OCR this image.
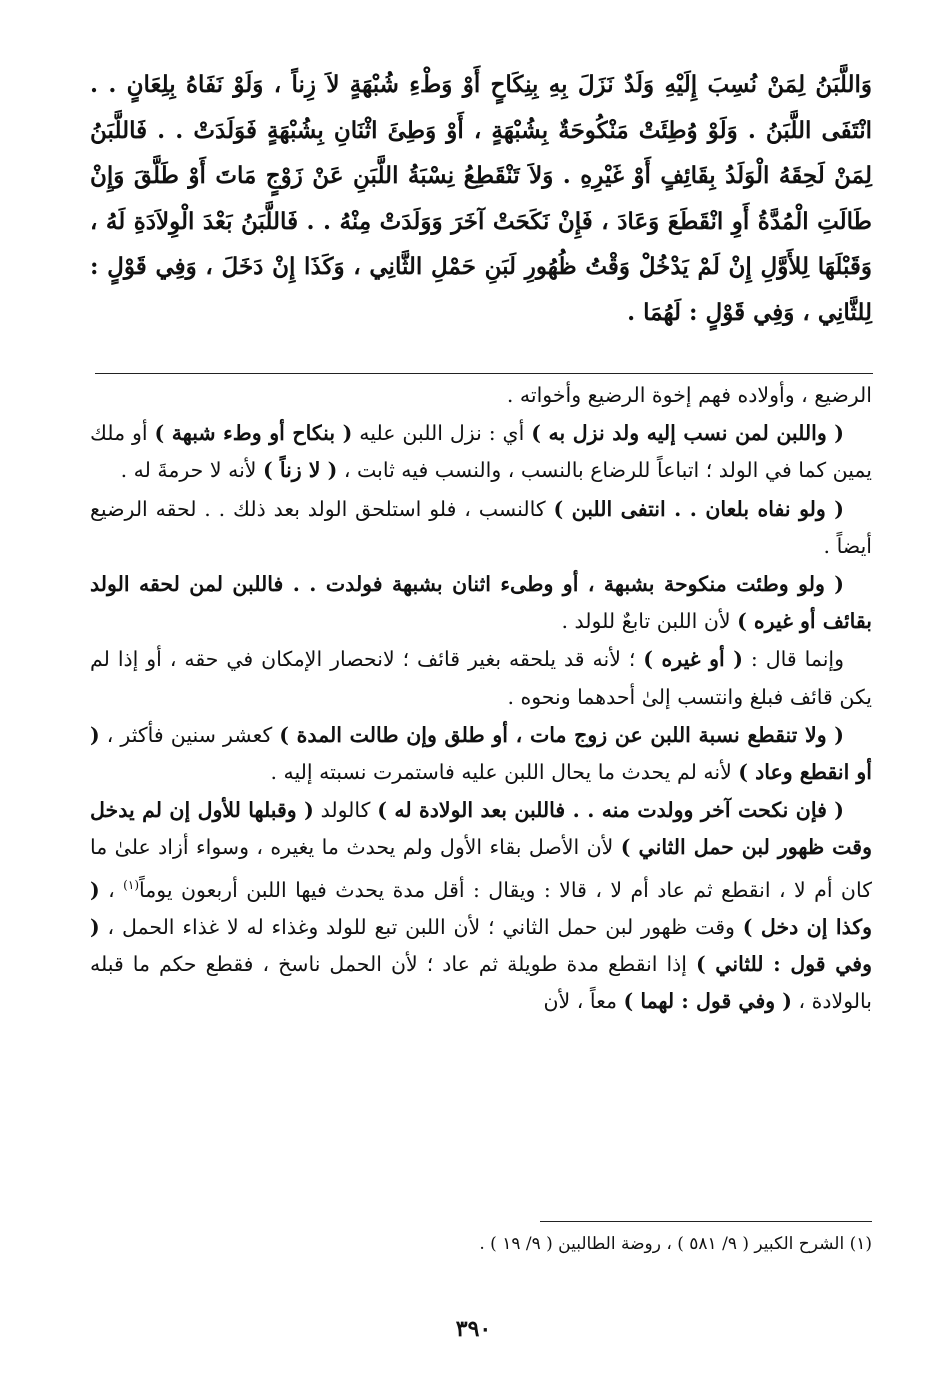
وَاللَّبَنُ لِمَنْ نُسِبَ إِلَيْهِ وَلَدٌ نَزَلَ بِهِ بِنِكَاحٍ أَوْ وَطْءِ شُبْهَةٍ لاَ زِناً ، وَلَوْ نَفَاهُ بِلِعَانٍ . . انْتَفَى اللَّبَنُ . وَلَوْ وُطِئَتْ مَنْكُوحَةٌ بِشُبْهَةٍ ، أَوْ وَطِئَ اثْنَانِ بِشُبْهَةٍ فَوَلَدَتْ . . فَاللَّبَنُ لِمَنْ لَحِقَهُ الْوَلَدُ بِقَائِفٍ أَوْ غَيْرِهِ . وَلاَ تَنْقَطِعُ نِسْبَةُ اللَّبَنِ عَنْ زَوْجٍ مَاتَ أَوْ طَلَّقَ وَإِنْ طَالَتِ الْمُدَّةُ أَوِ انْقَطَعَ وَعَادَ ، فَإِنْ نَكَحَتْ آخَرَ وَوَلَدَتْ مِنْهُ . . فَاللَّبَنُ بَعْدَ الْوِلاَدَةِ لَهُ ، وَقَبْلَهَا لِلأَوَّلِ إِنْ لَمْ يَدْخُلْ وَقْتُ ظُهُورِ لَبَنِ حَمْلِ الثَّانِي ، وَكَذَا إِنْ دَخَلَ ، وَفِي قَوْلٍ : لِلثَّانِي ، وَفِي قَوْلٍ : لَهُمَا .

الرضيع ، وأولاده فهم إخوة الرضيع وأخواته .

( واللبن لمن نسب إليه ولد نزل به ) أي : نزل اللبن عليه ( بنكاح أو وطء شبهة ) أو ملك يمين كما في الولد ؛ اتباعاً للرضاع بالنسب ، والنسب فيه ثابت ، ( لا زناً ) لأنه لا حرمةَ له .

( ولو نفاه بلعان . . انتفى اللبن ) كالنسب ، فلو استلحق الولد بعد ذلك . . لحقه الرضيع أيضاً .

( ولو وطئت منكوحة بشبهة ، أو وطىء اثنان بشبهة فولدت . . فاللبن لمن لحقه الولد بقائف أو غيره ) لأن اللبن تابعٌ للولد .

وإنما قال : ( أو غيره ) ؛ لأنه قد يلحقه بغير قائف ؛ لانحصار الإمكان في حقه ، أو إذا لم يكن قائف فبلغ وانتسب إلىٰ أحدهما ونحوه .

( ولا تنقطع نسبة اللبن عن زوج مات ، أو طلق وإن طالت المدة ) كعشر سنين فأكثر ، ( أو انقطع وعاد ) لأنه لم يحدث ما يحال اللبن عليه فاستمرت نسبته إليه .

( فإن نكحت آخر وولدت منه . . فاللبن بعد الولادة له ) كالولد ( وقبلها للأول إن لم يدخل وقت ظهور لبن حمل الثاني ) لأن الأصل بقاء الأول ولم يحدث ما يغيره ، وسواء أزاد علىٰ ما كان أم لا ، انقطع ثم عاد أم لا ، قالا : ويقال : أقل مدة يحدث فيها اللبن أربعون يوماً$^{(١)}$ ، ( وكذا إن دخل ) وقت ظهور لبن حمل الثاني ؛ لأن اللبن تبع للولد وغذاء له لا غذاء الحمل ، ( وفي قول : للثاني ) إذا انقطع مدة طويلة ثم عاد ؛ لأن الحمل ناسخ ، فقطع حكم ما قبله بالولادة ، ( وفي قول : لهما ) معاً ، لأن

(١) الشرح الكبير ( ٩/ ٥٨١ ) ، روضة الطالبين ( ٩/ ١٩ ) .
٣٩٠
